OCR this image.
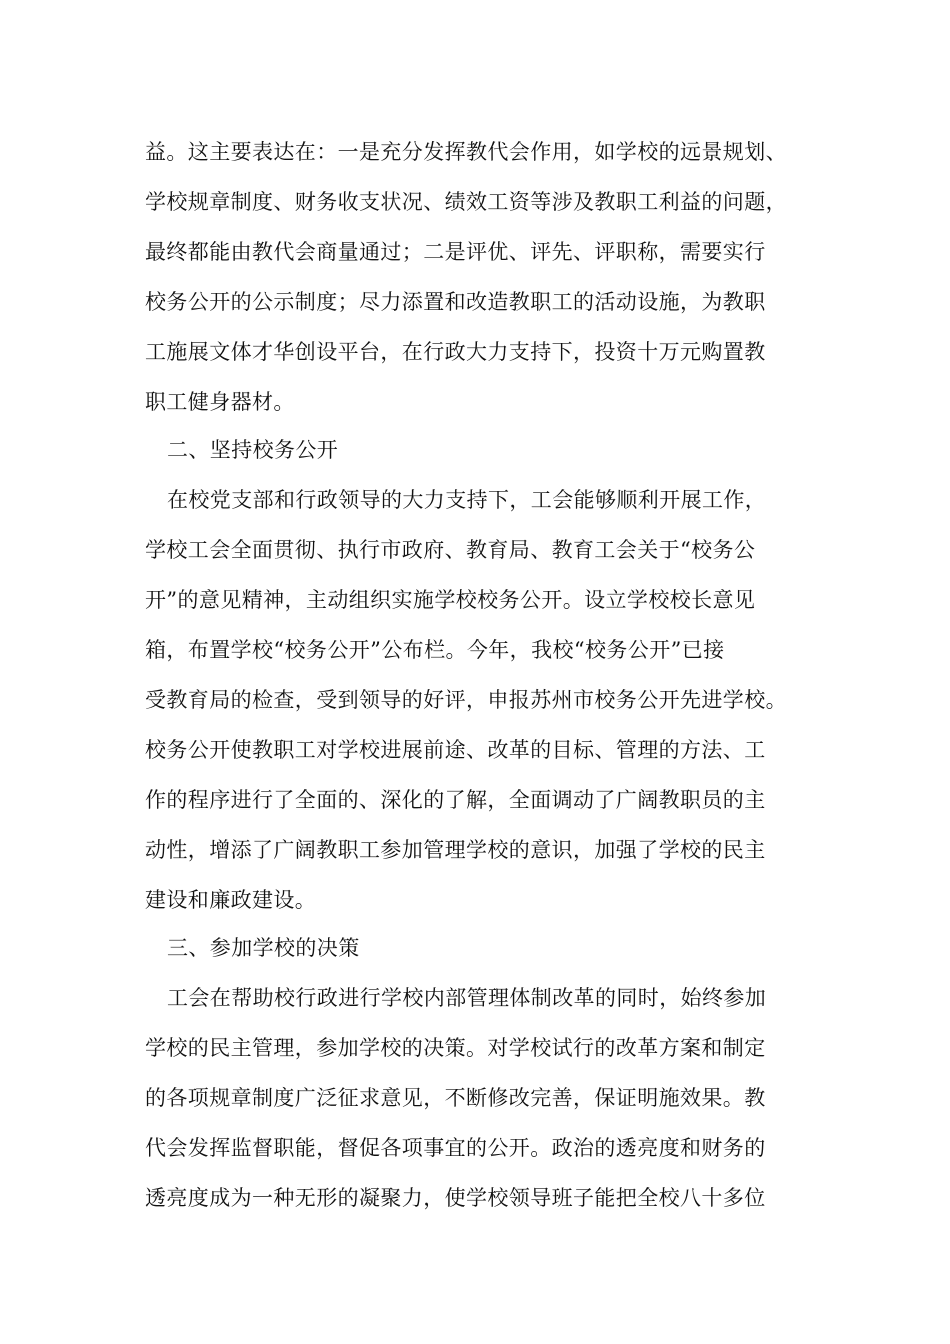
益。这主要表达在：一是充分发挥教代会作用，如学校的远景规划、
学校规章制度、财务收支状况、绩效工资等涉及教职工利益的问题，
最终都能由教代会商量通过；二是评优、评先、评职称，需要实行
校务公开的公示制度；尽力添置和改造教职工的活动设施，为教职
工施展文体才华创设平台，在行政大力支持下，投资十万元购置教
职工健身器材。
二、坚持校务公开
在校党支部和行政领导的大力支持下，工会能够顺利开展工作，
学校工会全面贯彻、执行市政府、教育局、教育工会关于“校务公
开”的意见精神，主动组织实施学校校务公开。设立学校校长意见
箱，布置学校“校务公开”公布栏。今年，我校“校务公开”已接
受教育局的检查，受到领导的好评，申报苏州市校务公开先进学校。
校务公开使教职工对学校进展前途、改革的目标、管理的方法、工
作的程序进行了全面的、深化的了解，全面调动了广阔教职员的主
动性，增添了广阔教职工参加管理学校的意识，加强了学校的民主
建设和廉政建设。
三、参加学校的决策
工会在帮助校行政进行学校内部管理体制改革的同时，始终参加
学校的民主管理，参加学校的决策。对学校试行的改革方案和制定
的各项规章制度广泛征求意见，不断修改完善，保证明施效果。教
代会发挥监督职能，督促各项事宜的公开。政治的透亮度和财务的
透亮度成为一种无形的凝聚力，使学校领导班子能把全校八十多位
